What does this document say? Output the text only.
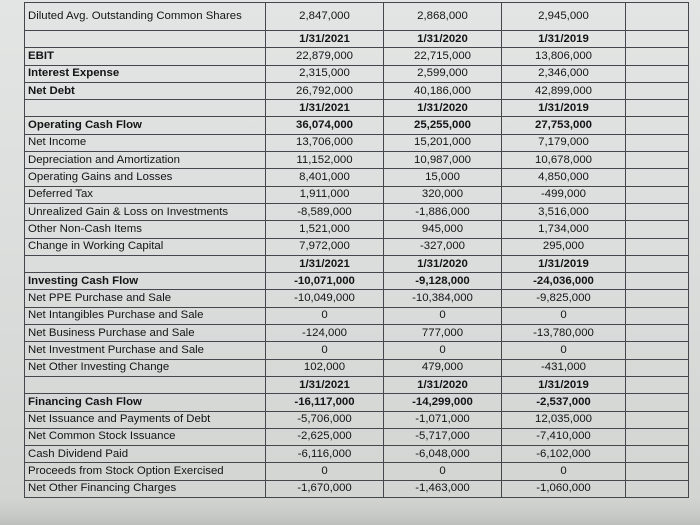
Diluted Avg. Outstanding Common Shares	2,847,000	2,868,000	2,945,000	
	1/31/2021	1/31/2020	1/31/2019	
EBIT	22,879,000	22,715,000	13,806,000	
Interest Expense	2,315,000	2,599,000	2,346,000	
Net Debt	26,792,000	40,186,000	42,899,000	
	1/31/2021	1/31/2020	1/31/2019	
Operating Cash Flow	36,074,000	25,255,000	27,753,000	
Net Income	13,706,000	15,201,000	7,179,000	
Depreciation and Amortization	11,152,000	10,987,000	10,678,000	
Operating Gains and Losses	8,401,000	15,000	4,850,000	
Deferred Tax	1,911,000	320,000	-499,000	
Unrealized Gain & Loss on Investments	-8,589,000	-1,886,000	3,516,000	
Other Non-Cash Items	1,521,000	945,000	1,734,000	
Change in Working Capital	7,972,000	-327,000	295,000	
	1/31/2021	1/31/2020	1/31/2019	
Investing Cash Flow	-10,071,000	-9,128,000	-24,036,000	
Net PPE Purchase and Sale	-10,049,000	-10,384,000	-9,825,000	
Net Intangibles Purchase and Sale	0	0	0	
Net Business Purchase and Sale	-124,000	777,000	-13,780,000	
Net Investment Purchase and Sale	0	0	0	
Net Other Investing Change	102,000	479,000	-431,000	
	1/31/2021	1/31/2020	1/31/2019	
Financing Cash Flow	-16,117,000	-14,299,000	-2,537,000	
Net Issuance and Payments of Debt	-5,706,000	-1,071,000	12,035,000	
Net Common Stock Issuance	-2,625,000	-5,717,000	-7,410,000	
Cash Dividend Paid	-6,116,000	-6,048,000	-6,102,000	
Proceeds from Stock Option Exercised	0	0	0	
Net Other Financing Charges	-1,670,000	-1,463,000	-1,060,000	
